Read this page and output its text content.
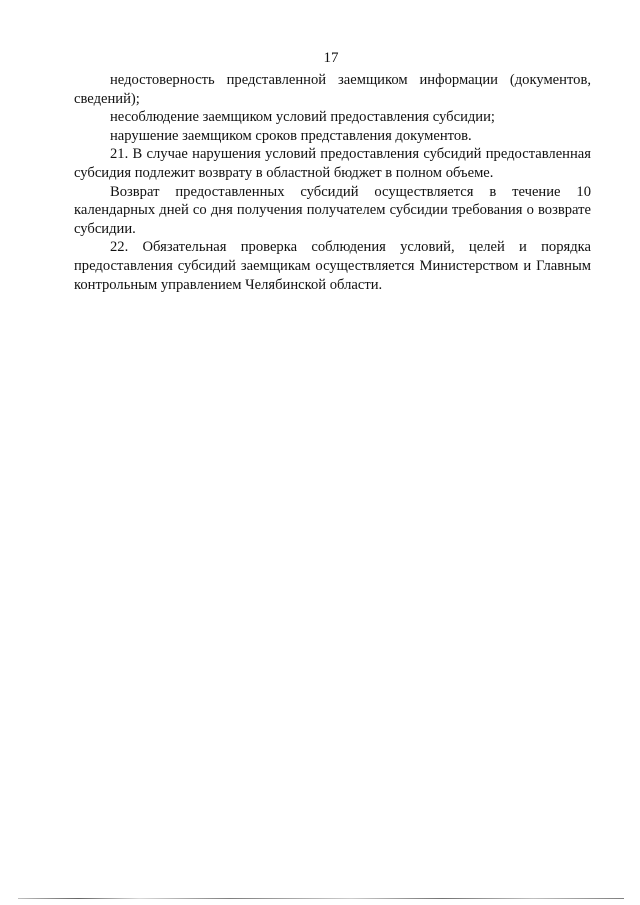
17

недостоверность представленной заемщиком информации (документов, сведений);

несоблюдение заемщиком условий предоставления субсидии;

нарушение заемщиком сроков представления документов.

21. В случае нарушения условий предоставления субсидий предоставленная субсидия подлежит возврату в областной бюджет в полном объеме.

Возврат предоставленных субсидий осуществляется в течение 10 календарных дней со дня получения получателем субсидии требования о возврате субсидии.

22. Обязательная проверка соблюдения условий, целей и порядка предоставления субсидий заемщикам осуществляется Министерством и Главным контрольным управлением Челябинской области.
